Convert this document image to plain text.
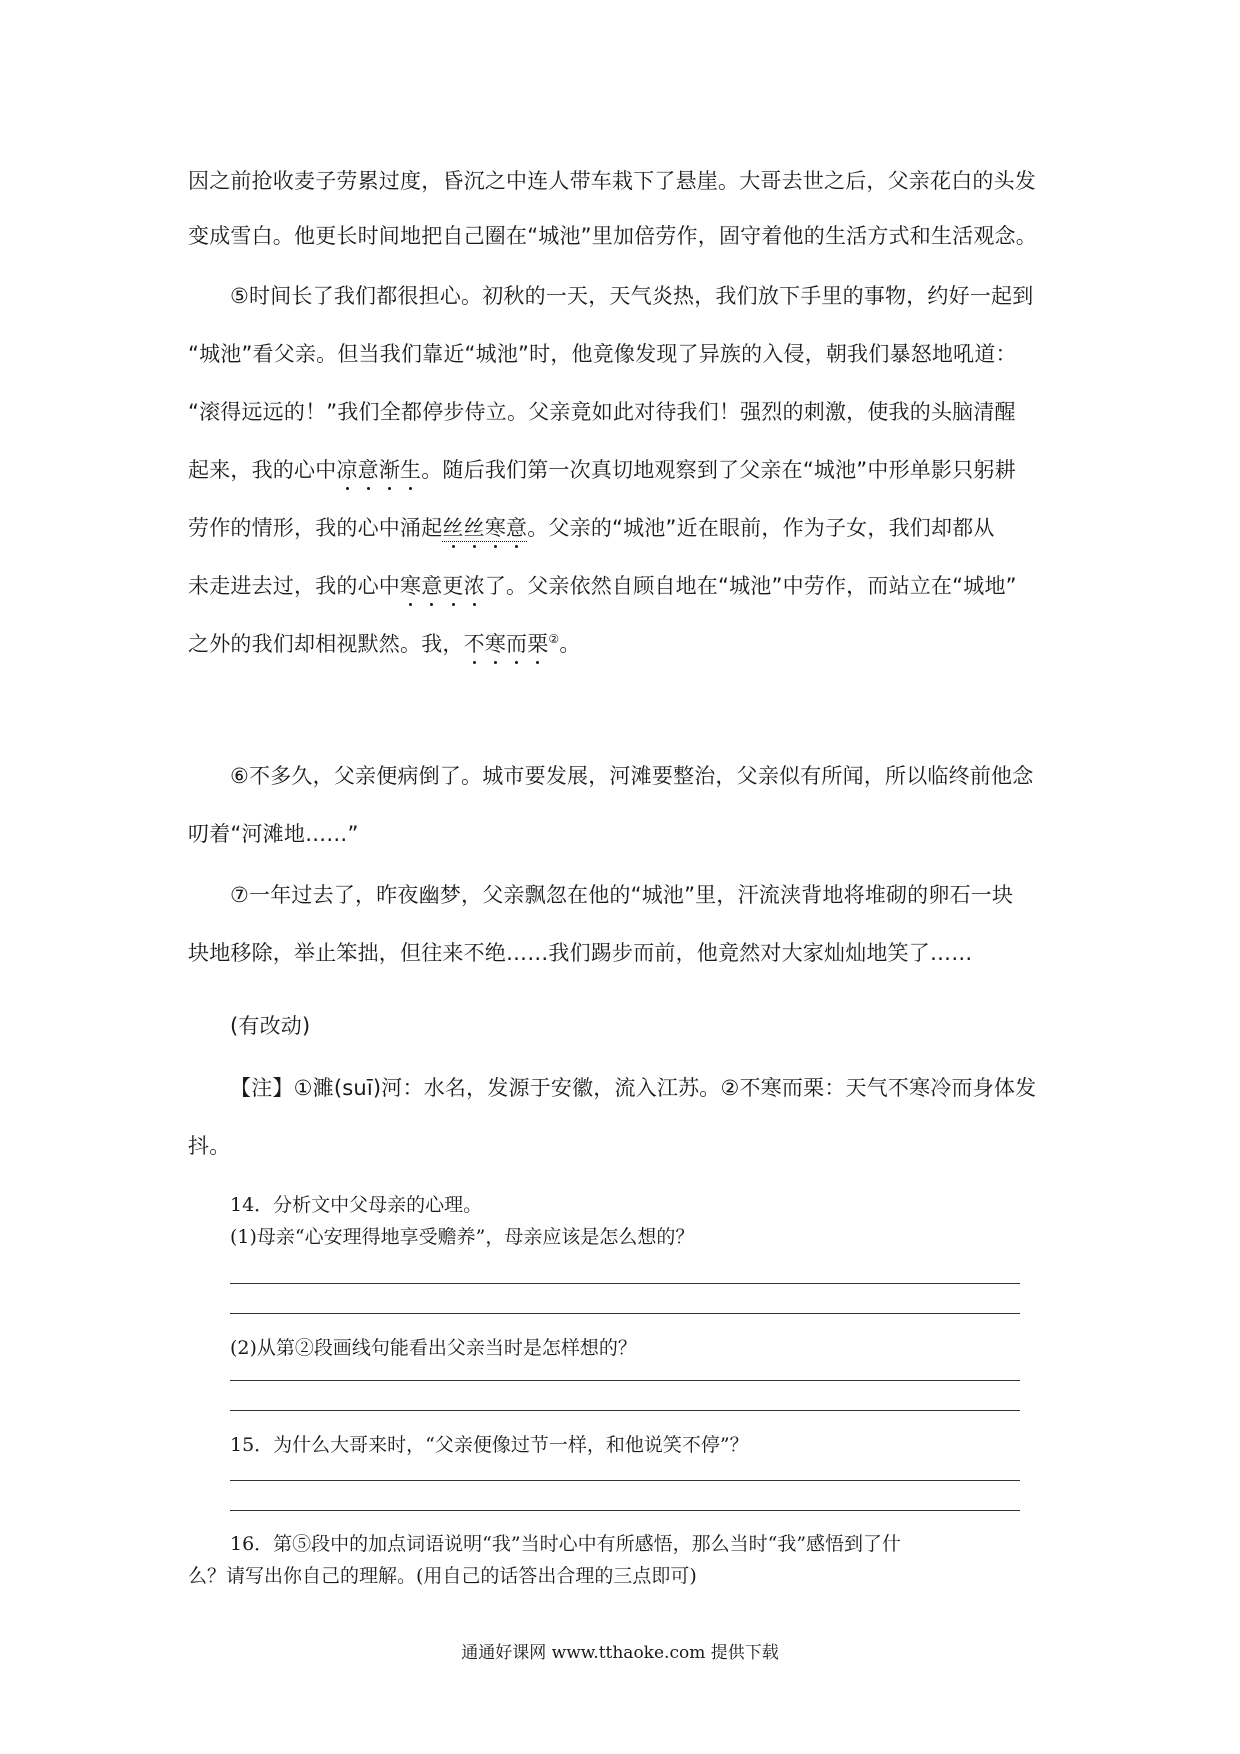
因之前抢收麦子劳累过度，昏沉之中连人带车栽下了悬崖。大哥去世之后，父亲花白的头发
变成雪白。他更长时间地把自己圈在“城池”里加倍劳作，固守着他的生活方式和生活观念。
⑤时间长了我们都很担心。初秋的一天，天气炎热，我们放下手里的事物，约好一起到
“城池”看父亲。但当我们靠近“城池”时，他竟像发现了异族的入侵，朝我们暴怒地吼道：
“滚得远远的！”我们全都停步侍立。父亲竟如此对待我们！强烈的刺激，使我的头脑清醒
起来，我的心中凉意渐生。随后我们第一次真切地观察到了父亲在“城池”中形单影只躬耕
劳作的情形，我的心中涌起丝丝寒意。父亲的“城池”近在眼前，作为子女，我们却都从
未走进去过，我的心中寒意更浓了。父亲依然自顾自地在“城池”中劳作，而站立在“城地”
之外的我们却相视默然。我，不寒而栗②。
⑥不多久，父亲便病倒了。城市要发展，河滩要整治，父亲似有所闻，所以临终前他念
叨着“河滩地……”
⑦一年过去了，昨夜幽梦，父亲飘忽在他的“城池”里，汗流浃背地将堆砌的卵石一块
块地移除，举止笨拙，但往来不绝……我们踢步而前，他竟然对大家灿灿地笑了……
(有改动)
【注】①濉(suī)河：水名，发源于安徽，流入江苏。②不寒而栗：天气不寒冷而身体发
抖。
14．分析文中父母亲的心理。
(1)母亲“心安理得地享受赡养”，母亲应该是怎么想的？
(2)从第②段画线句能看出父亲当时是怎样想的？
15．为什么大哥来时，“父亲便像过节一样，和他说笑不停”？
16．第⑤段中的加点词语说明“我”当时心中有所感悟，那么当时“我”感悟到了什
么？请写出你自己的理解。(用自己的话答出合理的三点即可)
通通好课网 www.tthaoke.com 提供下载
